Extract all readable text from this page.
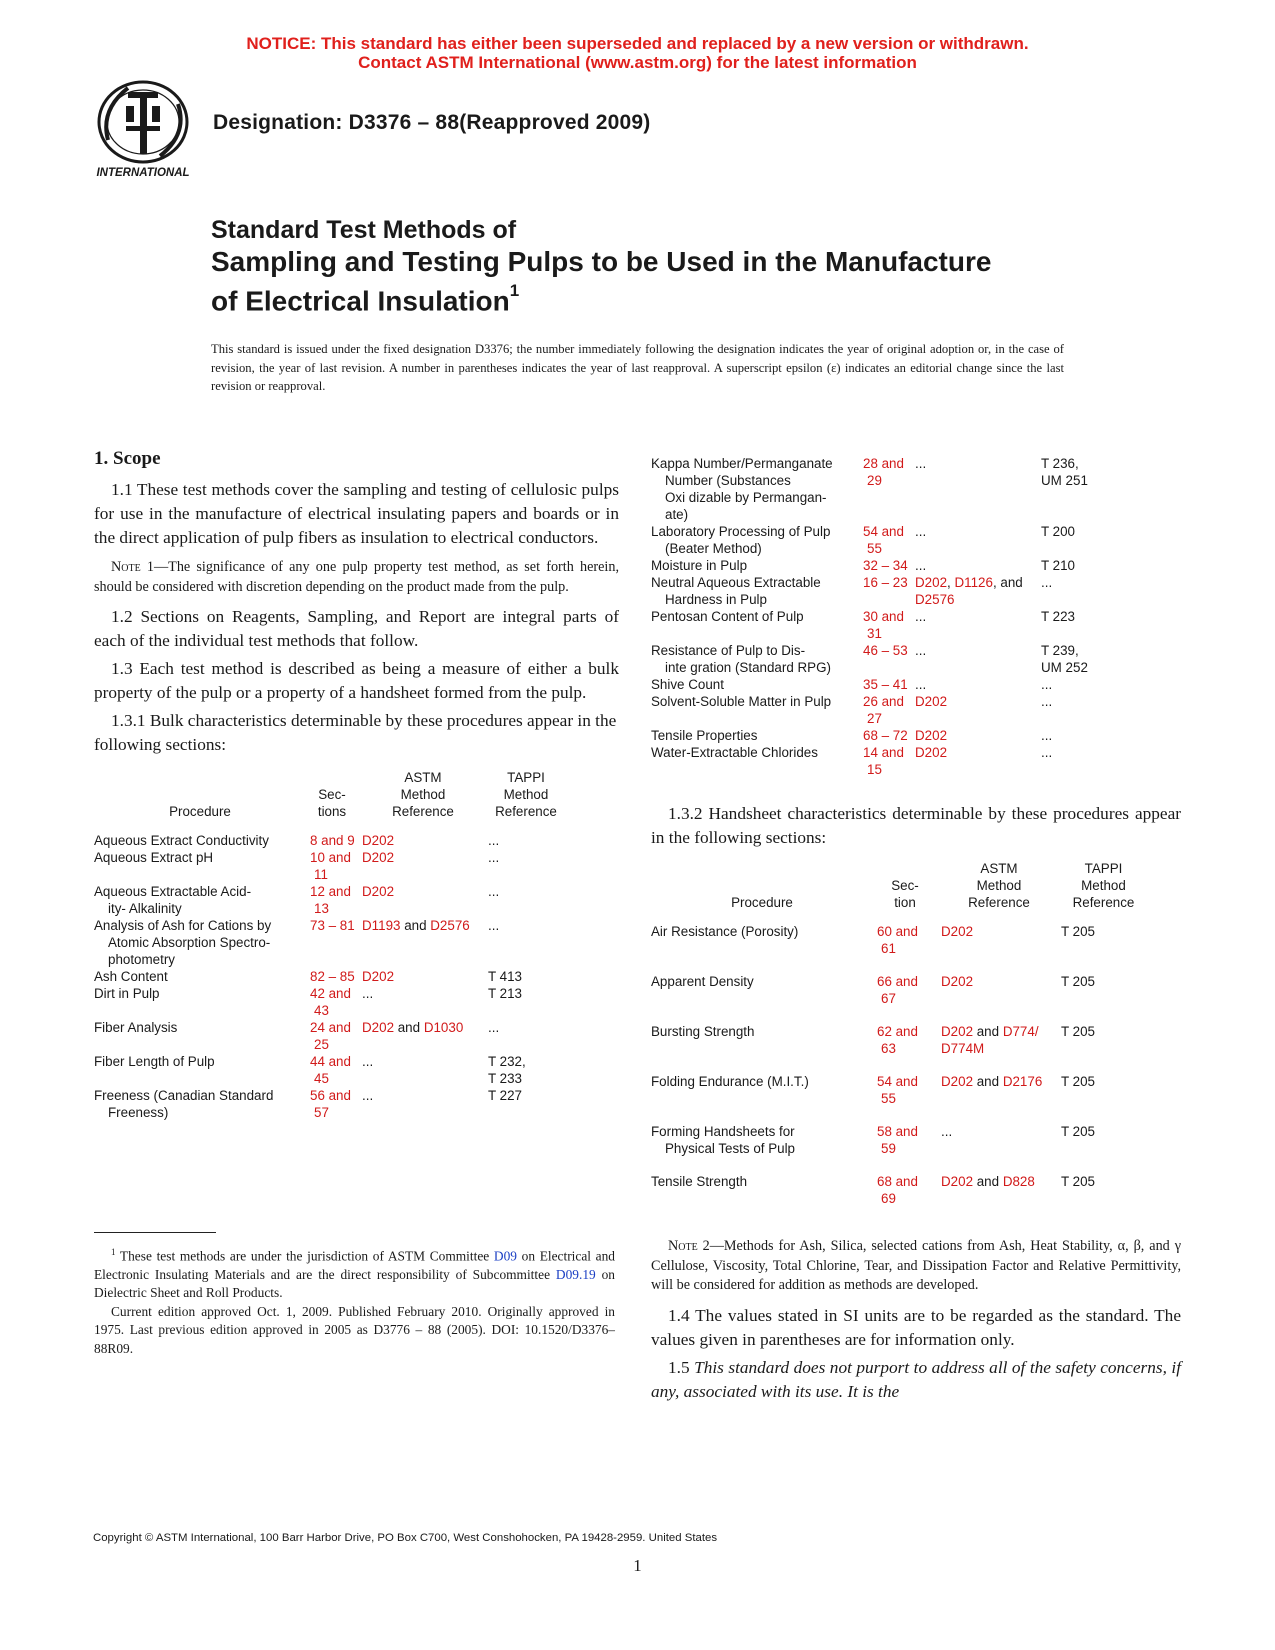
NOTICE: This standard has either been superseded and replaced by a new version or withdrawn.
Contact ASTM International (www.astm.org) for the latest information
INTERNATIONAL
Designation: D3376 – 88(Reapproved 2009)
Standard Test Methods of
Sampling and Testing Pulps to be Used in the Manufacture
of Electrical Insulation$^1$
This standard is issued under the fixed designation D3376; the number immediately following the designation indicates the year of original adoption or, in the case of revision, the year of last revision. A number in parentheses indicates the year of last reapproval. A superscript epsilon (ε) indicates an editorial change since the last revision or reapproval.
1. Scope

1.1 These test methods cover the sampling and testing of cellulosic pulps for use in the manufacture of electrical insulating papers and boards or in the direct application of pulp fibers as insulation to electrical conductors.

Note 1—The significance of any one pulp property test method, as set forth herein, should be considered with discretion depending on the product made from the pulp.

1.2 Sections on Reagents, Sampling, and Report are integral parts of each of the individual test methods that follow.

1.3 Each test method is described as being a measure of either a bulk property of the pulp or a property of a handsheet formed from the pulp.

1.3.1 Bulk characteristics determinable by these procedures appear in the following sections:

Procedure	Sec-
tions	ASTM
Method
Reference	TAPPI
Method
Reference

Aqueous Extract Conductivity	8 and 9	D202	...
Aqueous Extract pH	10 and
11	D202	...
Aqueous Extractable Acid-
ity- Alkalinity	12 and
13	D202	...
Analysis of Ash for Cations by
Atomic Absorption Spectro-
photometry	73 – 81	D1193 and D2576	...
Ash Content	82 – 85	D202	T 413
Dirt in Pulp	42 and
43	...	T 213
Fiber Analysis	24 and
25	D202 and D1030	...
Fiber Length of Pulp	44 and
45	...	T 232,
T 233
Freeness (Canadian Standard
Freeness)	56 and
57	...	T 227

$^1$ These test methods are under the jurisdiction of ASTM Committee D09 on Electrical and Electronic Insulating Materials and are the direct responsibility of Subcommittee D09.19 on Dielectric Sheet and Roll Products.

Current edition approved Oct. 1, 2009. Published February 2010. Originally approved in 1975. Last previous edition approved in 2005 as D3776 – 88 (2005). DOI: 10.1520/D3376–88R09.

Kappa Number/Permanganate
Number (Substances
Oxi dizable by Permangan-
ate)	28 and
29	...	T 236,
UM 251
Laboratory Processing of Pulp
(Beater Method)	54 and
55	...	T 200
Moisture in Pulp	32 – 34	...	T 210
Neutral Aqueous Extractable
Hardness in Pulp	16 – 23	D202, D1126, and
D2576	...
Pentosan Content of Pulp	30 and
31	...	T 223
Resistance of Pulp to Dis-
inte gration (Standard RPG)	46 – 53	...	T 239,
UM 252
Shive Count	35 – 41	...	...
Solvent-Soluble Matter in Pulp	26 and
27	D202	...
Tensile Properties	68 – 72	D202	...
Water-Extractable Chlorides	14 and
15	D202	...

1.3.2 Handsheet characteristics determinable by these procedures appear in the following sections:

Procedure	Sec-
tion	ASTM
Method
Reference	TAPPI
Method
Reference

Air Resistance (Porosity)	60 and
61	D202	T 205
Apparent Density	66 and
67	D202	T 205
Bursting Strength	62 and
63	D202 and D774/
D774M	T 205
Folding Endurance (M.I.T.)	54 and
55	D202 and D2176	T 205
Forming Handsheets for
Physical Tests of Pulp	58 and
59	...	T 205
Tensile Strength	68 and
69	D202 and D828	T 205

Note 2—Methods for Ash, Silica, selected cations from Ash, Heat Stability, α, β, and γ Cellulose, Viscosity, Total Chlorine, Tear, and Dissipation Factor and Relative Permittivity, will be considered for addition as methods are developed.

1.4 The values stated in SI units are to be regarded as the standard. The values given in parentheses are for information only.

1.5 This standard does not purport to address all of the safety concerns, if any, associated with its use. It is the

Copyright © ASTM International, 100 Barr Harbor Drive, PO Box C700, West Conshohocken, PA 19428-2959. United States
1
